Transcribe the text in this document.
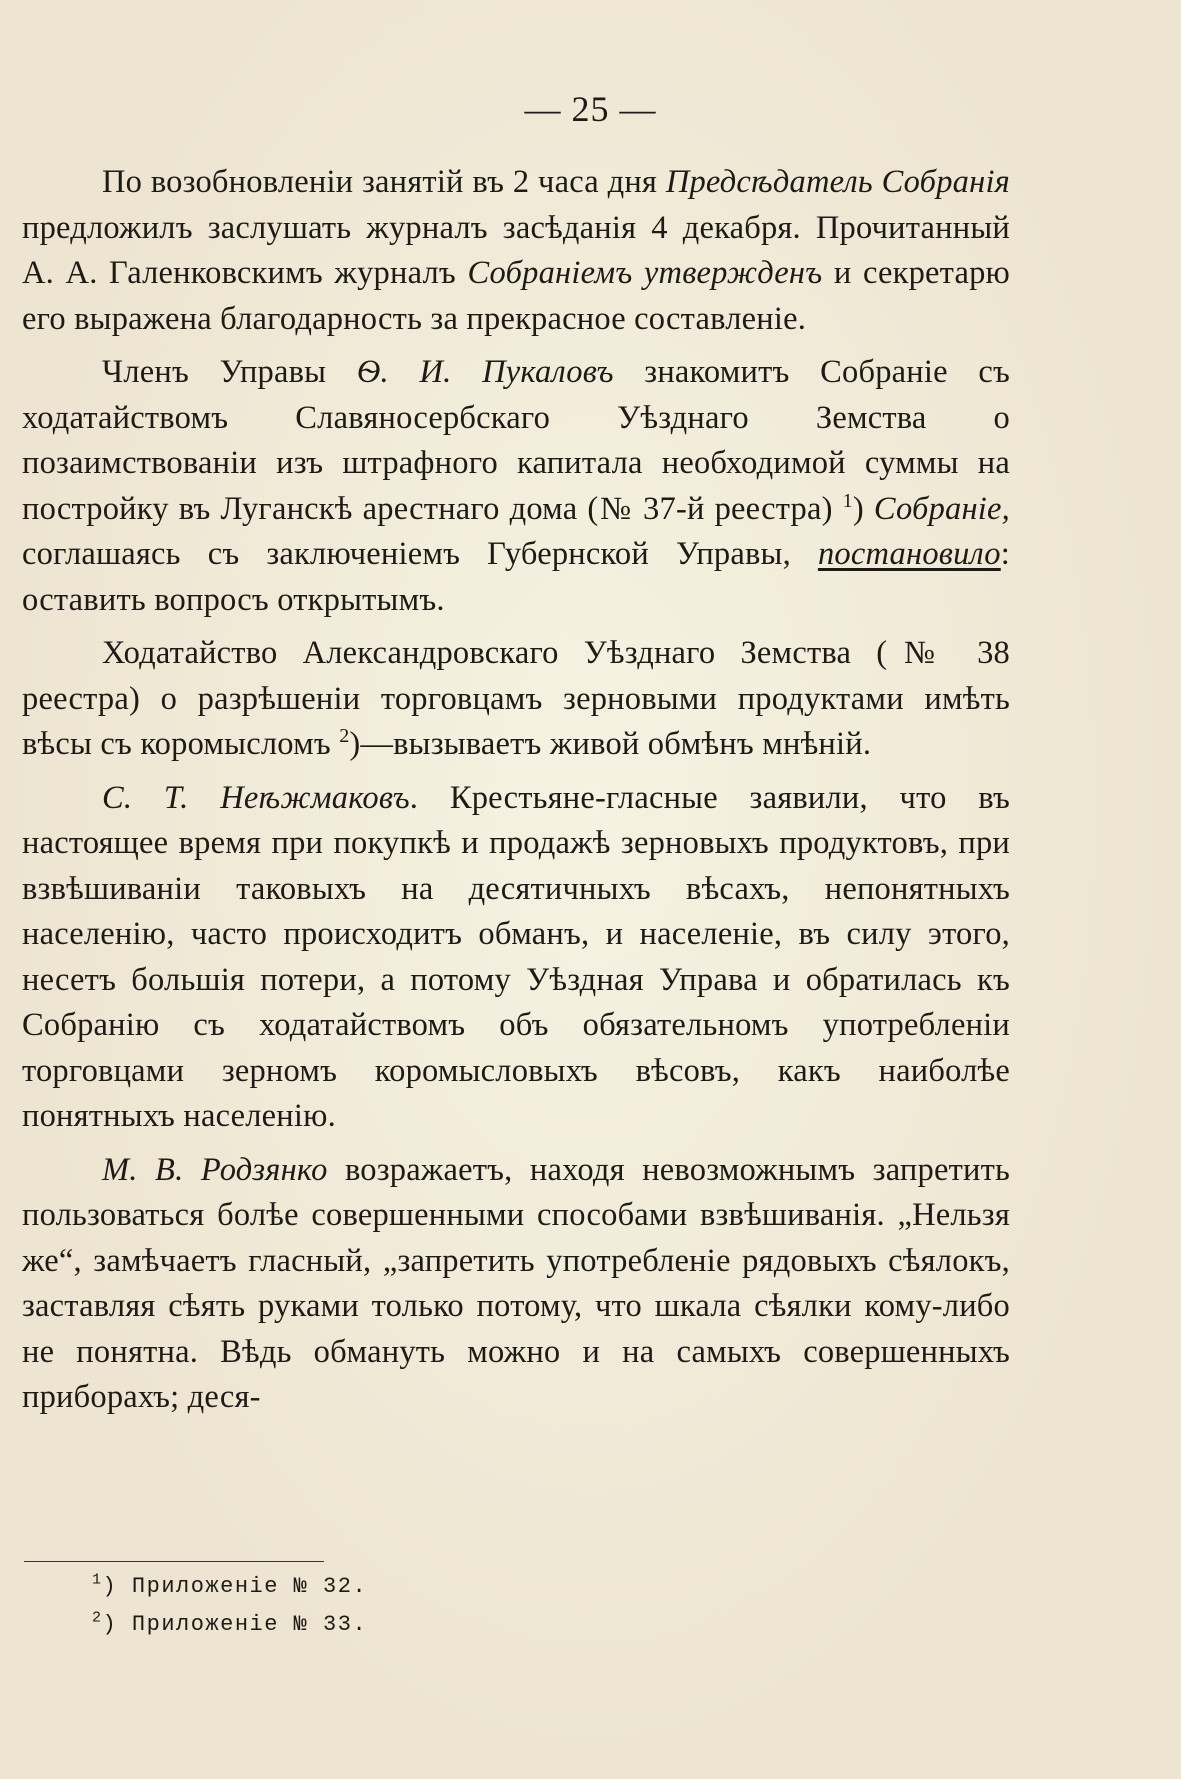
— 25 —

По возобновленіи занятій въ 2 часа дня Предсѣдатель Собранія предложилъ заслушать журналъ засѣданія 4 декабря. Прочитанный А. А. Галенковскимъ журналъ Собраніемъ утвержденъ и секретарю его выражена благодарность за прекрасное составленіе.

Членъ Управы Ѳ. И. Пукаловъ знакомитъ Собраніе съ ходатайствомъ Славяносербскаго Уѣзднаго Земства о позаимствованіи изъ штрафного капитала необходимой суммы на постройку въ Луганскѣ арестнаго дома (№ 37-й реестра) $^1$) Собраніе, соглашаясь съ заключеніемъ Губернской Управы, постановило: оставить вопросъ открытымъ.

Ходатайство Александровскаго Уѣзднаго Земства (№ 38 реестра) о разрѣшеніи торговцамъ зерновыми продуктами имѣть вѣсы съ коромысломъ $^2$)—вызываетъ живой обмѣнъ мнѣній.

С. Т. Неѣжмаковъ. Крестьяне-гласные заявили, что въ настоящее время при покупкѣ и продажѣ зерновыхъ продуктовъ, при взвѣшиваніи таковыхъ на десятичныхъ вѣсахъ, непонятныхъ населенію, часто происходитъ обманъ, и населеніе, въ силу этого, несетъ большія потери, а потому Уѣздная Управа и обратилась къ Собранію съ ходатайствомъ объ обязательномъ употребленіи торговцами зерномъ коромысловыхъ вѣсовъ, какъ наиболѣе понятныхъ населенію.

М. В. Родзянко возражаетъ, находя невозможнымъ запретить пользоваться болѣе совершенными способами взвѣшиванія. „Нельзя же“, замѣчаетъ гласный, „запретить употребленіе рядовыхъ сѣялокъ, заставляя сѣять руками только потому, что шкала сѣялки кому-либо не понятна. Вѣдь обмануть можно и на самыхъ совершенныхъ приборахъ; деся-

$^1$) Приложеніе № 32.
$^2$) Приложеніе № 33.
